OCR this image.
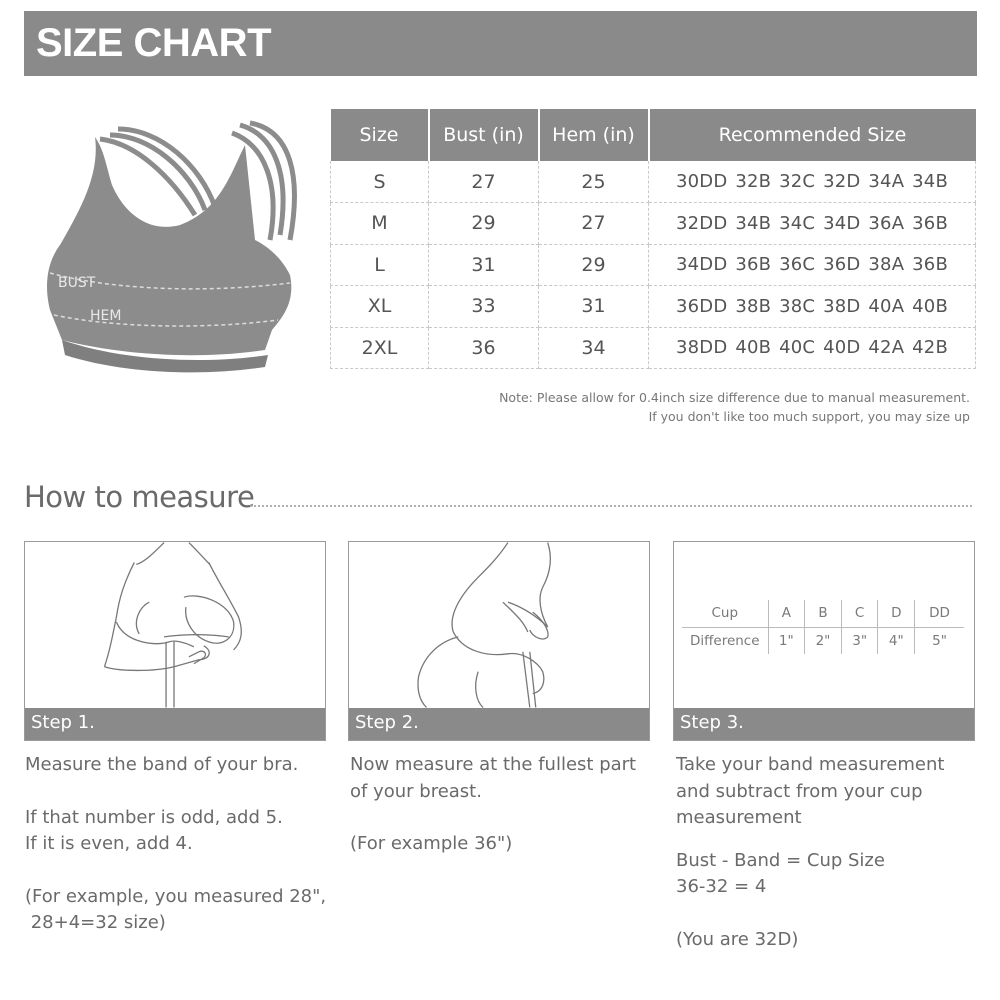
SIZE CHART
BUST
HEM
Size	Bust (in)	Hem (in)	Recommended Size
S	27	25	30DD 32B 32C 32D 34A 34B
M	29	27	32DD 34B 34C 34D 36A 36B
L	31	29	34DD 36B 36C 36D 38A 36B
XL	33	31	36DD 38B 38C 38D 40A 40B
2XL	36	34	38DD 40B 40C 40D 42A 42B
Note: Please allow for 0.4inch size difference due to manual measurement.
If you don't like too much support, you may size up
How to measure
Step 1.	Step 2.
Cup	A	B	C	D	DD
Difference	1"	2"	3"	4"	5"
Step 3.

Measure the band of your bra.

If that number is odd, add 5.

If it is even, add 4.

(For example, you measured 28",

28+4=32 size)

Now measure at the fullest part

of your breast.

(For example 36")

Take your band measurement

and subtract from your cup

measurement

Bust - Band = Cup Size

36-32 = 4

(You are 32D)
